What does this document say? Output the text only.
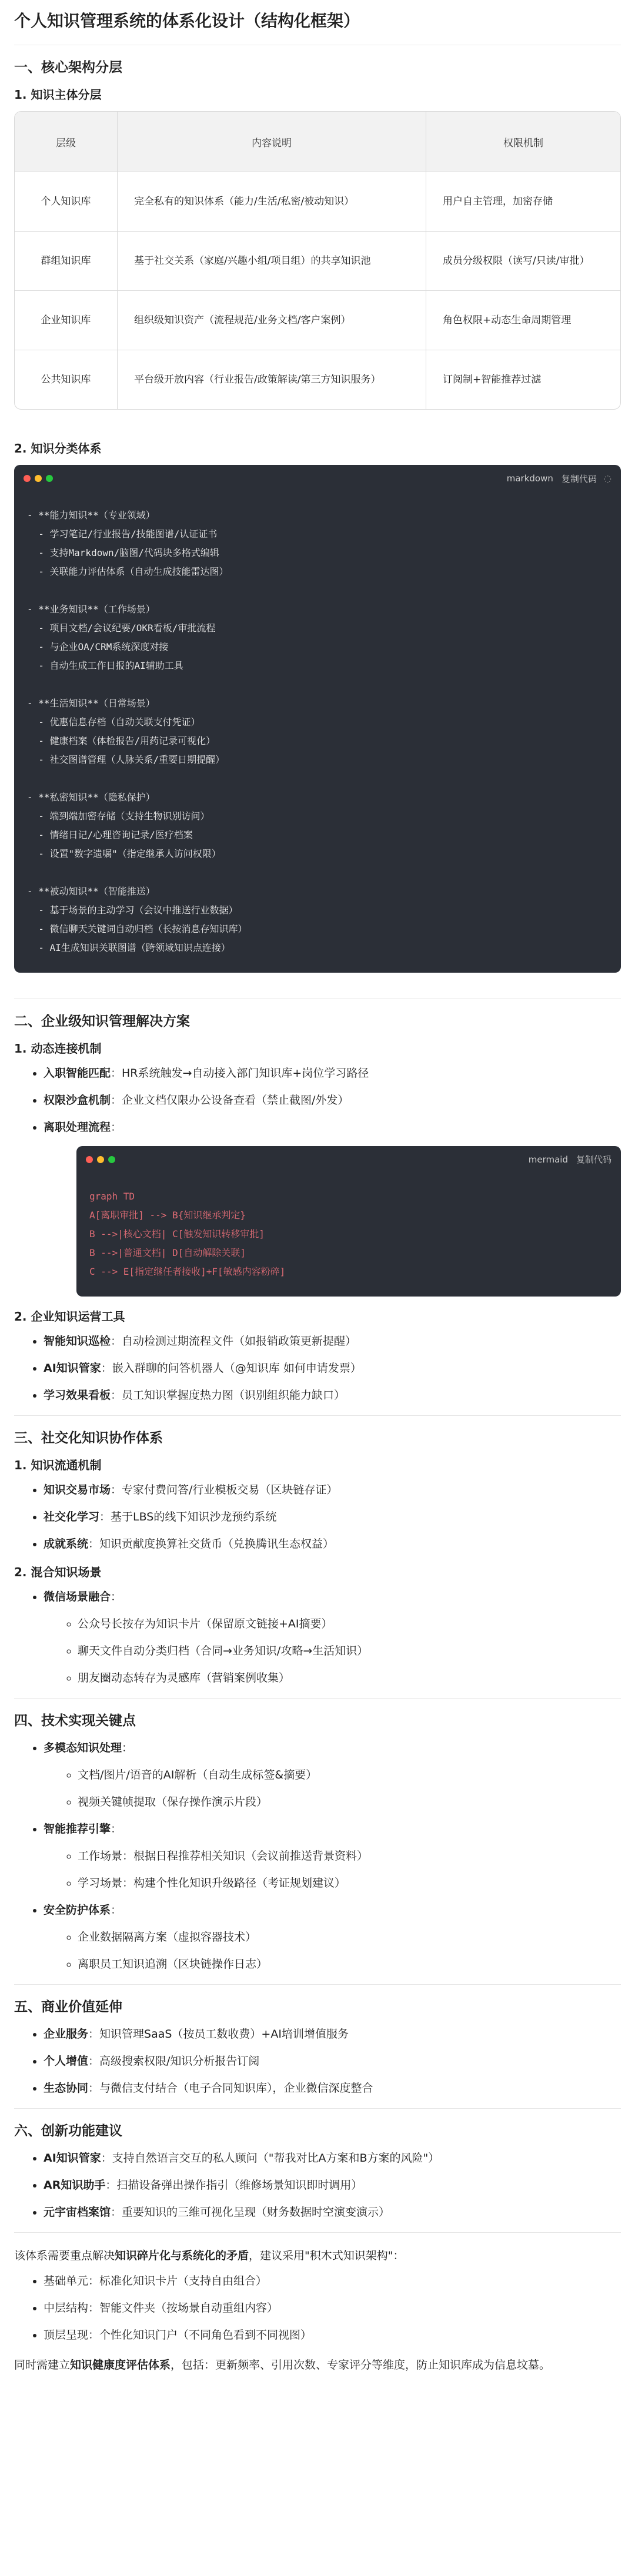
个人知识管理系统的体系化设计（结构化框架）
一、核心架构分层
1. 知识主体分层
层级	内容说明	权限机制
个人知识库	完全私有的知识体系（能力/生活/私密/被动知识）	用户自主管理，加密存储
群组知识库	基于社交关系（家庭/兴趣小组/项目组）的共享知识池	成员分级权限（读写/只读/审批）
企业知识库	组织级知识资产（流程规范/业务文档/客户案例）	角色权限+动态生命周期管理
公共知识库	平台级开放内容（行业报告/政策解读/第三方知识服务）	订阅制+智能推荐过滤
2. 知识分类体系
markdown 复制代码 ◌
- **能力知识**（专业领域）
- 学习笔记/行业报告/技能图谱/认证证书
- 支持Markdown/脑图/代码块多格式编辑
- 关联能力评估体系（自动生成技能雷达图）
- **业务知识**（工作场景）
- 项目文档/会议纪要/OKR看板/审批流程
- 与企业OA/CRM系统深度对接
- 自动生成工作日报的AI辅助工具
- **生活知识**（日常场景）
- 优惠信息存档（自动关联支付凭证）
- 健康档案（体检报告/用药记录可视化）
- 社交图谱管理（人脉关系/重要日期提醒）
- **私密知识**（隐私保护）
- 端到端加密存储（支持生物识别访问）
- 情绪日记/心理咨询记录/医疗档案
- 设置"数字遗嘱"（指定继承人访问权限）
- **被动知识**（智能推送）
- 基于场景的主动学习（会议中推送行业数据）
- 微信聊天关键词自动归档（长按消息存知识库）
- AI生成知识关联图谱（跨领域知识点连接）
二、企业级知识管理解决方案
1. 动态连接机制
• 入职智能匹配：HR系统触发→自动接入部门知识库+岗位学习路径
• 权限沙盒机制：企业文档仅限办公设备查看（禁止截图/外发）
• 离职处理流程：
mermaid 复制代码
graph TD
A[离职审批] --> B{知识继承判定}
B -->|核心文档| C[触发知识转移审批]
B -->|普通文档| D[自动解除关联]
C --> E[指定继任者接收]+F[敏感内容粉碎]
2. 企业知识运营工具
• 智能知识巡检：自动检测过期流程文件（如报销政策更新提醒）
• AI知识管家：嵌入群聊的问答机器人（@知识库 如何申请发票）
• 学习效果看板：员工知识掌握度热力图（识别组织能力缺口）
三、社交化知识协作体系
1. 知识流通机制
• 知识交易市场：专家付费问答/行业模板交易（区块链存证）
• 社交化学习：基于LBS的线下知识沙龙预约系统
• 成就系统：知识贡献度换算社交货币（兑换腾讯生态权益）
2. 混合知识场景
• 微信场景融合：
◦ 公众号长按存为知识卡片（保留原文链接+AI摘要）
◦ 聊天文件自动分类归档（合同→业务知识/攻略→生活知识）
◦ 朋友圈动态转存为灵感库（营销案例收集）
四、技术实现关键点
• 多模态知识处理：
◦ 文档/图片/语音的AI解析（自动生成标签&摘要）
◦ 视频关键帧提取（保存操作演示片段）
• 智能推荐引擎：
◦ 工作场景：根据日程推荐相关知识（会议前推送背景资料）
◦ 学习场景：构建个性化知识升级路径（考证规划建议）
• 安全防护体系：
◦ 企业数据隔离方案（虚拟容器技术）
◦ 离职员工知识追溯（区块链操作日志）
五、商业价值延伸
• 企业服务：知识管理SaaS（按员工数收费）+AI培训增值服务
• 个人增值：高级搜索权限/知识分析报告订阅
• 生态协同：与微信支付结合（电子合同知识库），企业微信深度整合
六、创新功能建议
• AI知识管家：支持自然语言交互的私人顾问（"帮我对比A方案和B方案的风险"）
• AR知识助手：扫描设备弹出操作指引（维修场景知识即时调用）
• 元宇宙档案馆：重要知识的三维可视化呈现（财务数据时空演变演示）

该体系需要重点解决知识碎片化与系统化的矛盾，建议采用"积木式知识架构"：

• 基础单元：标准化知识卡片（支持自由组合）
• 中层结构：智能文件夹（按场景自动重组内容）
• 顶层呈现：个性化知识门户（不同角色看到不同视图）

同时需建立知识健康度评估体系，包括：更新频率、引用次数、专家评分等维度，防止知识库成为信息坟墓。
